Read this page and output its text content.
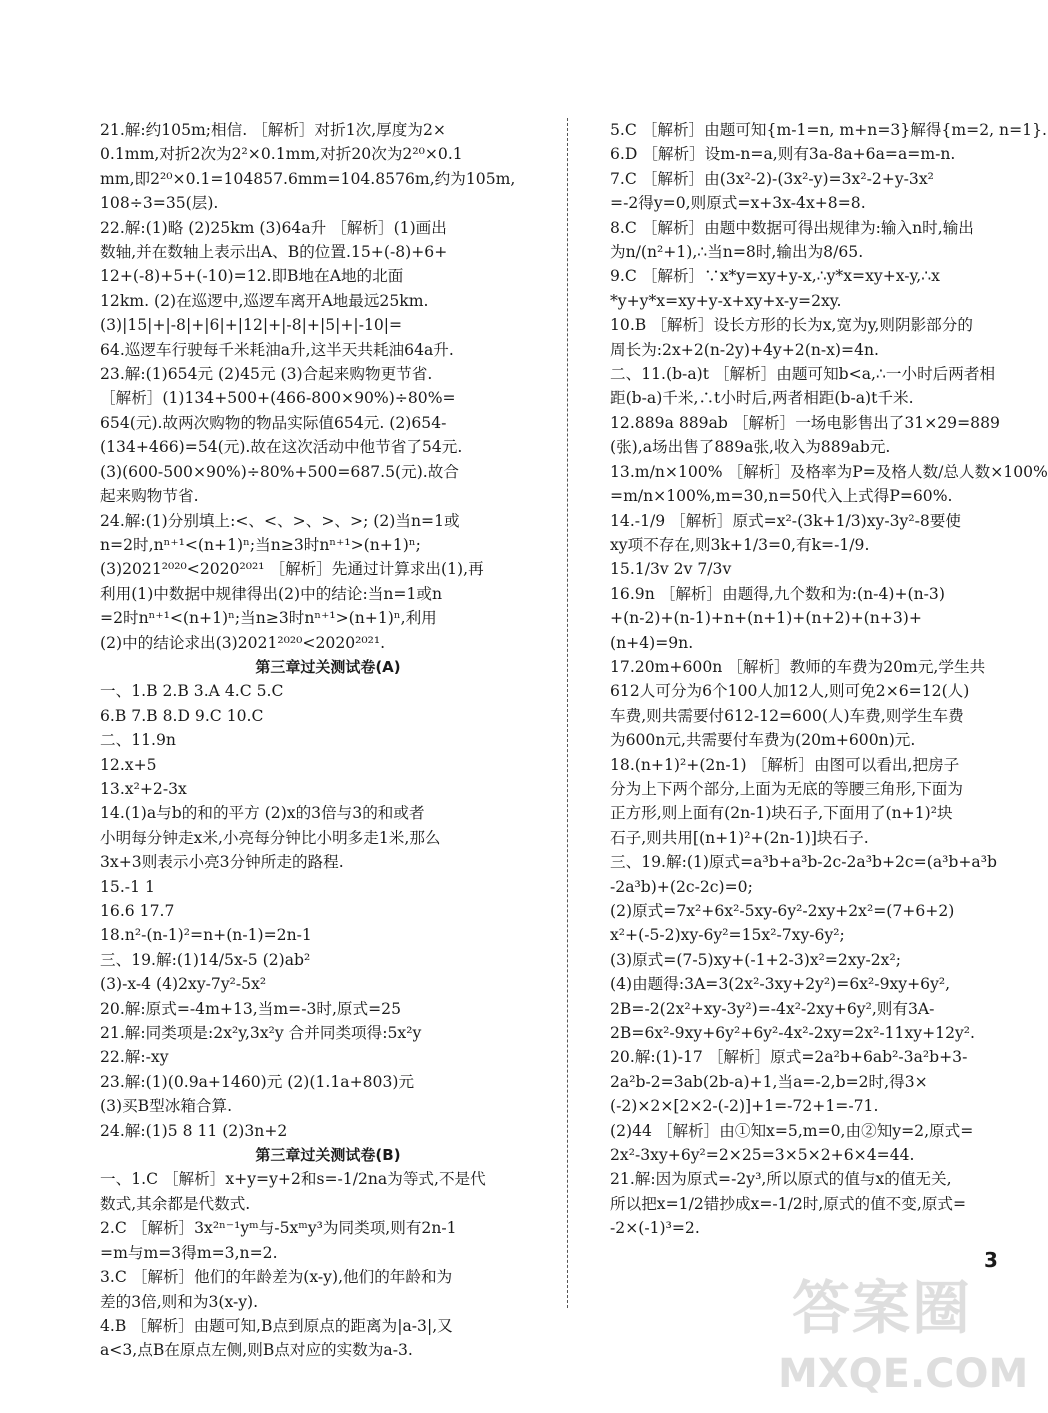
21.解:约105m;相信. ［解析］对折1次,厚度为2×
0.1mm,对折2次为2²×0.1mm,对折20次为2²⁰×0.1
mm,即2²⁰×0.1=104857.6mm=104.8576m,约为105m,
108÷3=35(层).
22.解:(1)略 (2)25km (3)64a升 ［解析］(1)画出
数轴,并在数轴上表示出A、B的位置.15+(-8)+6+
12+(-8)+5+(-10)=12.即B地在A地的北面
12km. (2)在巡逻中,巡逻车离开A地最远25km.
(3)|15|+|-8|+|6|+|12|+|-8|+|5|+|-10|=
64.巡逻车行驶每千米耗油a升,这半天共耗油64a升.
23.解:(1)654元 (2)45元 (3)合起来购物更节省.
［解析］(1)134+500+(466-800×90%)÷80%=
654(元).故两次购物的物品实际值654元. (2)654-
(134+466)=54(元).故在这次活动中他节省了54元.
(3)(600-500×90%)÷80%+500=687.5(元).故合
起来购物节省.
24.解:(1)分别填上:<、<、>、>、>; (2)当n=1或
n=2时,nⁿ⁺¹<(n+1)ⁿ;当n≥3时nⁿ⁺¹>(n+1)ⁿ;
(3)2021²⁰²⁰<2020²⁰²¹ ［解析］先通过计算求出(1),再
利用(1)中数据中规律得出(2)中的结论:当n=1或n
=2时nⁿ⁺¹<(n+1)ⁿ;当n≥3时nⁿ⁺¹>(n+1)ⁿ,利用
(2)中的结论求出(3)2021²⁰²⁰<2020²⁰²¹.
第三章过关测试卷(A)
一、1.B 2.B 3.A 4.C 5.C
6.B 7.B 8.D 9.C 10.C
二、11.9n
12.x+5
13.x²+2-3x
14.(1)a与b的和的平方 (2)x的3倍与3的和或者
小明每分钟走x米,小亮每分钟比小明多走1米,那么
3x+3则表示小亮3分钟所走的路程.
15.-1 1
16.6 17.7
18.n²-(n-1)²=n+(n-1)=2n-1
三、19.解:(1)14/5x-5 (2)ab²
(3)-x-4 (4)2xy-7y²-5x²
20.解:原式=-4m+13,当m=-3时,原式=25
21.解:同类项是:2x²y,3x²y 合并同类项得:5x²y
22.解:-xy
23.解:(1)(0.9a+1460)元 (2)(1.1a+803)元
(3)买B型冰箱合算.
24.解:(1)5 8 11 (2)3n+2
第三章过关测试卷(B)
一、1.C ［解析］x+y=y+2和s=-1/2na为等式,不是代
数式,其余都是代数式.
2.C ［解析］3x²ⁿ⁻¹yᵐ与-5xᵐy³为同类项,则有2n-1
=m与m=3得m=3,n=2.
3.C ［解析］他们的年龄差为(x-y),他们的年龄和为
差的3倍,则和为3(x-y).
4.B ［解析］由题可知,B点到原点的距离为|a-3|,又
a<3,点B在原点左侧,则B点对应的实数为a-3.
5.C ［解析］由题可知{m-1=n, m+n=3}解得{m=2, n=1}.
6.D ［解析］设m-n=a,则有3a-8a+6a=a=m-n.
7.C ［解析］由(3x²-2)-(3x²-y)=3x²-2+y-3x²
=-2得y=0,则原式=x+3x-4x+8=8.
8.C ［解析］由题中数据可得出规律为:输入n时,输出
为n/(n²+1),∴当n=8时,输出为8/65.
9.C ［解析］∵x*y=xy+y-x,∴y*x=xy+x-y,∴x
*y+y*x=xy+y-x+xy+x-y=2xy.
10.B ［解析］设长方形的长为x,宽为y,则阴影部分的
周长为:2x+2(n-2y)+4y+2(n-x)=4n.
二、11.(b-a)t ［解析］由题可知b<a,∴一小时后两者相
距(b-a)千米,∴t小时后,两者相距(b-a)t千米.
12.889a 889ab ［解析］一场电影售出了31×29=889
(张),a场出售了889a张,收入为889ab元.
13.m/n×100% ［解析］及格率为P=及格人数/总人数×100%
=m/n×100%,m=30,n=50代入上式得P=60%.
14.-1/9 ［解析］原式=x²-(3k+1/3)xy-3y²-8要使
xy项不存在,则3k+1/3=0,有k=-1/9.
15.1/3v 2v 7/3v
16.9n ［解析］由题得,九个数和为:(n-4)+(n-3)
+(n-2)+(n-1)+n+(n+1)+(n+2)+(n+3)+
(n+4)=9n.
17.20m+600n ［解析］教师的车费为20m元,学生共
612人可分为6个100人加12人,则可免2×6=12(人)
车费,则共需要付612-12=600(人)车费,则学生车费
为600n元,共需要付车费为(20m+600n)元.
18.(n+1)²+(2n-1) ［解析］由图可以看出,把房子
分为上下两个部分,上面为无底的等腰三角形,下面为
正方形,则上面有(2n-1)块石子,下面用了(n+1)²块
石子,则共用[(n+1)²+(2n-1)]块石子.
三、19.解:(1)原式=a³b+a³b-2c-2a³b+2c=(a³b+a³b
-2a³b)+(2c-2c)=0;
(2)原式=7x²+6x²-5xy-6y²-2xy+2x²=(7+6+2)
x²+(-5-2)xy-6y²=15x²-7xy-6y²;
(3)原式=(7-5)xy+(-1+2-3)x²=2xy-2x²;
(4)由题得:3A=3(2x²-3xy+2y²)=6x²-9xy+6y²,
2B=-2(2x²+xy-3y²)=-4x²-2xy+6y²,则有3A-
2B=6x²-9xy+6y²+6y²-4x²-2xy=2x²-11xy+12y².
20.解:(1)-17 ［解析］原式=2a²b+6ab²-3a²b+3-
2a²b-2=3ab(2b-a)+1,当a=-2,b=2时,得3×
(-2)×2×[2×2-(-2)]+1=-72+1=-71.
(2)44 ［解析］由①知x=5,m=0,由②知y=2,原式=
2x²-3xy+6y²=2×25=3×5×2+6×4=44.
21.解:因为原式=-2y³,所以原式的值与x的值无关,
所以把x=1/2错抄成x=-1/2时,原式的值不变,原式=
-2×(-1)³=2.
3
答案圈
MXQE.COM
